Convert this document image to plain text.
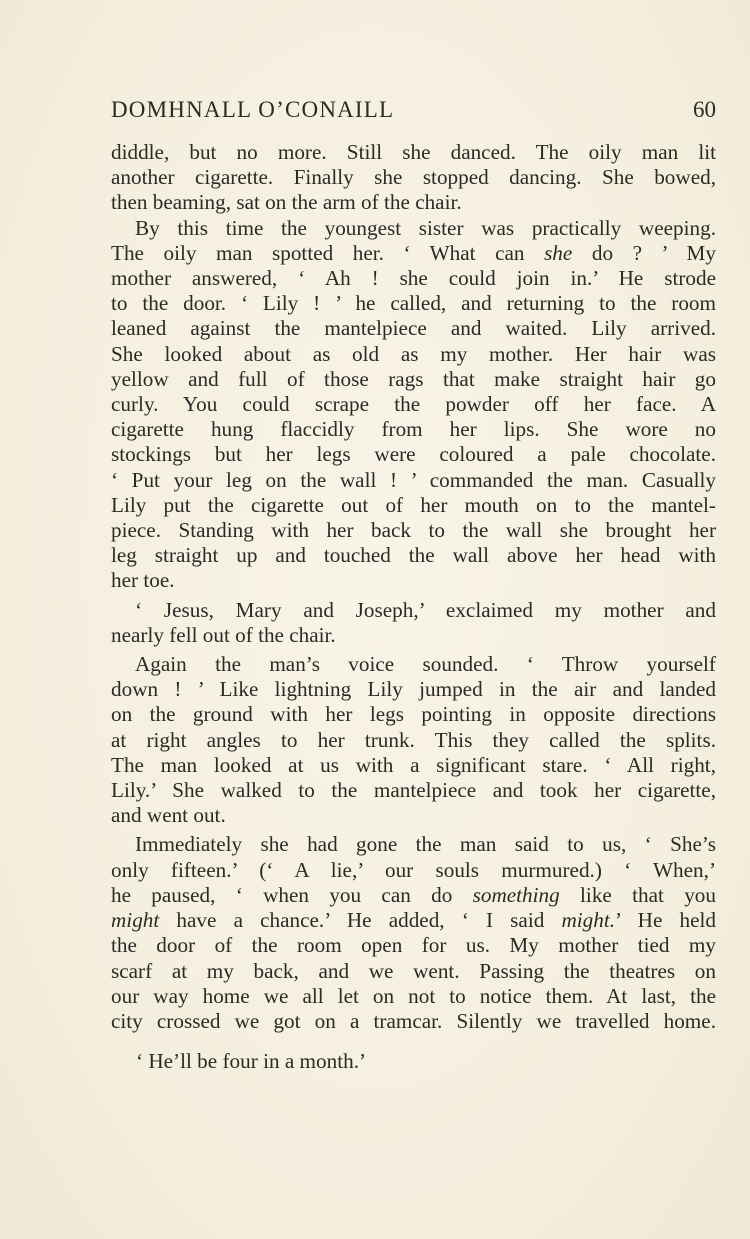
DOMHNALL O’CONAILL	60

diddle, but no more. Still she danced. The oily man lit
another cigarette. Finally she stopped dancing. She bowed,
then beaming, sat on the arm of the chair.

By this time the youngest sister was practically weeping.
The oily man spotted her. ‘ What can she do ? ’ My
mother answered, ‘ Ah ! she could join in.’ He strode
to the door. ‘ Lily ! ’ he called, and returning to the room
leaned against the mantelpiece and waited. Lily arrived.
She looked about as old as my mother. Her hair was
yellow and full of those rags that make straight hair go
curly. You could scrape the powder off her face. A
cigarette hung flaccidly from her lips. She wore no
stockings but her legs were coloured a pale chocolate.
‘ Put your leg on the wall ! ’ commanded the man. Casually
Lily put the cigarette out of her mouth on to the mantel-
piece. Standing with her back to the wall she brought her
leg straight up and touched the wall above her head with
her toe.

‘ Jesus, Mary and Joseph,’ exclaimed my mother and
nearly fell out of the chair.

Again the man’s voice sounded. ‘ Throw yourself
down ! ’ Like lightning Lily jumped in the air and landed
on the ground with her legs pointing in opposite directions
at right angles to her trunk. This they called the splits.
The man looked at us with a significant stare. ‘ All right,
Lily.’ She walked to the mantelpiece and took her cigarette,
and went out.

Immediately she had gone the man said to us, ‘ She’s
only fifteen.’ (‘ A lie,’ our souls murmured.) ‘ When,’
he paused, ‘ when you can do something like that you
might have a chance.’ He added, ‘ I said might.’ He held
the door of the room open for us. My mother tied my
scarf at my back, and we went. Passing the theatres on
our way home we all let on not to notice them. At last, the
city crossed we got on a tramcar. Silently we travelled home.

‘ He’ll be four in a month.’
